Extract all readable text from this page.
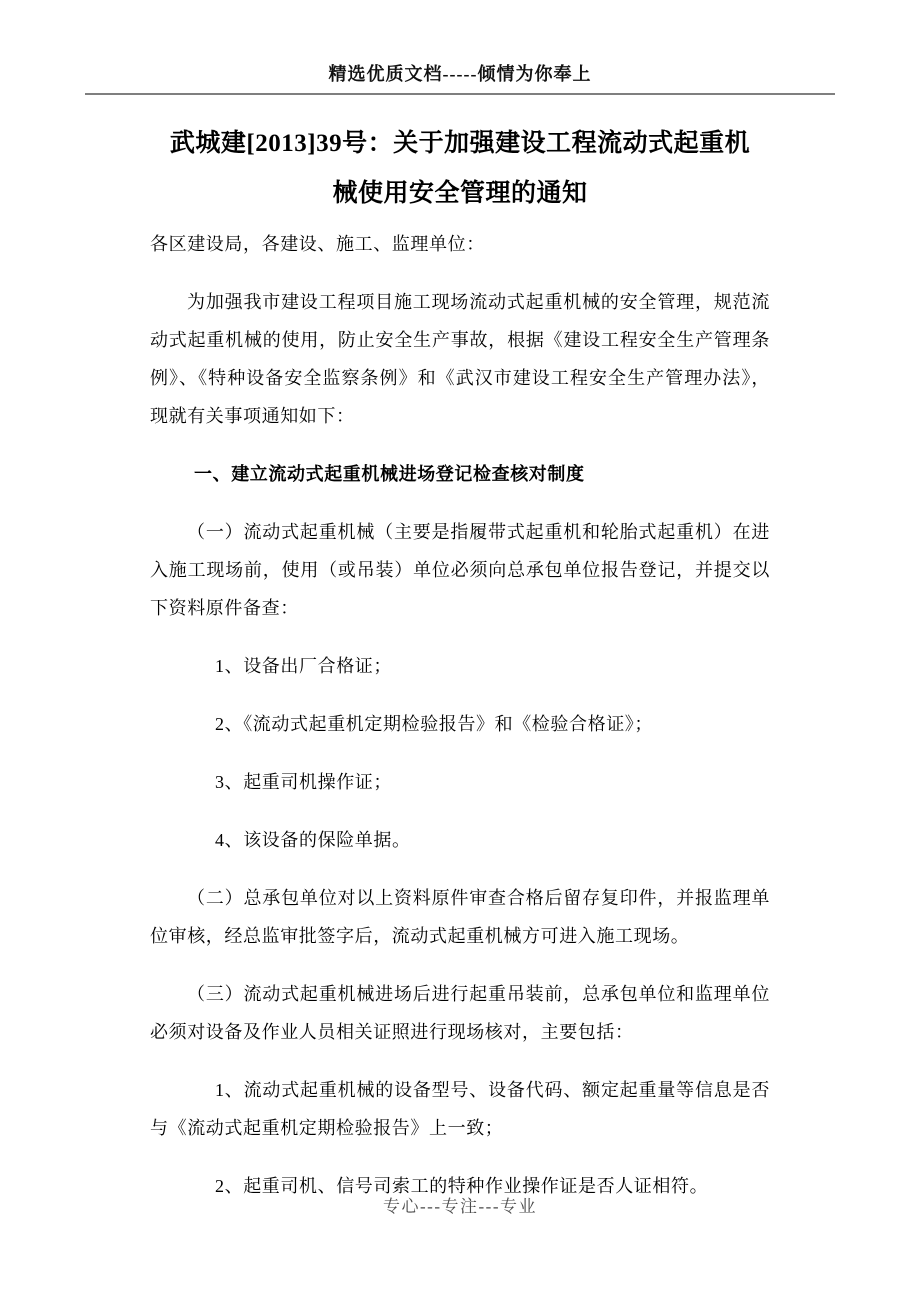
精选优质文档-----倾情为你奉上
武城建[2013]39号：关于加强建设工程流动式起重机
械使用安全管理的通知

各区建设局，各建设、施工、监理单位：

为加强我市建设工程项目施工现场流动式起重机械的安全管理，规范流动式起重机械的使用，防止安全生产事故，根据《建设工程安全生产管理条例》、《特种设备安全监察条例》和《武汉市建设工程安全生产管理办法》，现就有关事项通知如下：

一、建立流动式起重机械进场登记检查核对制度

（一）流动式起重机械（主要是指履带式起重机和轮胎式起重机）在进入施工现场前，使用（或吊装）单位必须向总承包单位报告登记，并提交以下资料原件备查：

1、设备出厂合格证；

2、《流动式起重机定期检验报告》和《检验合格证》；

3、起重司机操作证；

4、该设备的保险单据。

（二）总承包单位对以上资料原件审查合格后留存复印件，并报监理单位审核，经总监审批签字后，流动式起重机械方可进入施工现场。

（三）流动式起重机械进场后进行起重吊装前，总承包单位和监理单位必须对设备及作业人员相关证照进行现场核对，主要包括：

1、流动式起重机械的设备型号、设备代码、额定起重量等信息是否与《流动式起重机定期检验报告》上一致；

2、起重司机、信号司索工的特种作业操作证是否人证相符。

专心---专注---专业
